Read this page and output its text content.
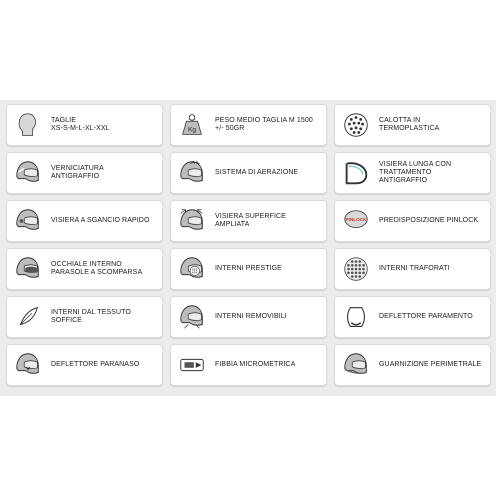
TAGLIE
XS-S-M-L-XL-XXL	Kg
PESO MEDIO TAGLIA M 1500
+/- 50GR
CALOTTA IN
TERMOPLASTICA
VERNICIATURA
ANTIGRAFFIO
SISTEMA DI AERAZIONE
VISIERA LUNGA CON
TRATTAMENTO
ANTIGRAFFIO
VISIERA A SGANCIO RAPIDO
VISIERA SUPERFICE
AMPLIATA
PINLOCK PREDISPOSIZIONE PINLOCK
OCCHIALE INTERNO
PARASOLE A SCOMPARSA
INTERNI PRESTIGE	INTERNI TRAFORATI
INTERNI DAL TESSUTO
SOFFICE
INTERNI REMOVIBILI	DEFLETTORE PARAMENTO
DEFLETTORE PARANASO	FIBBIA MICROMETRICA	GUARNIZIONE PERIMETRALE
